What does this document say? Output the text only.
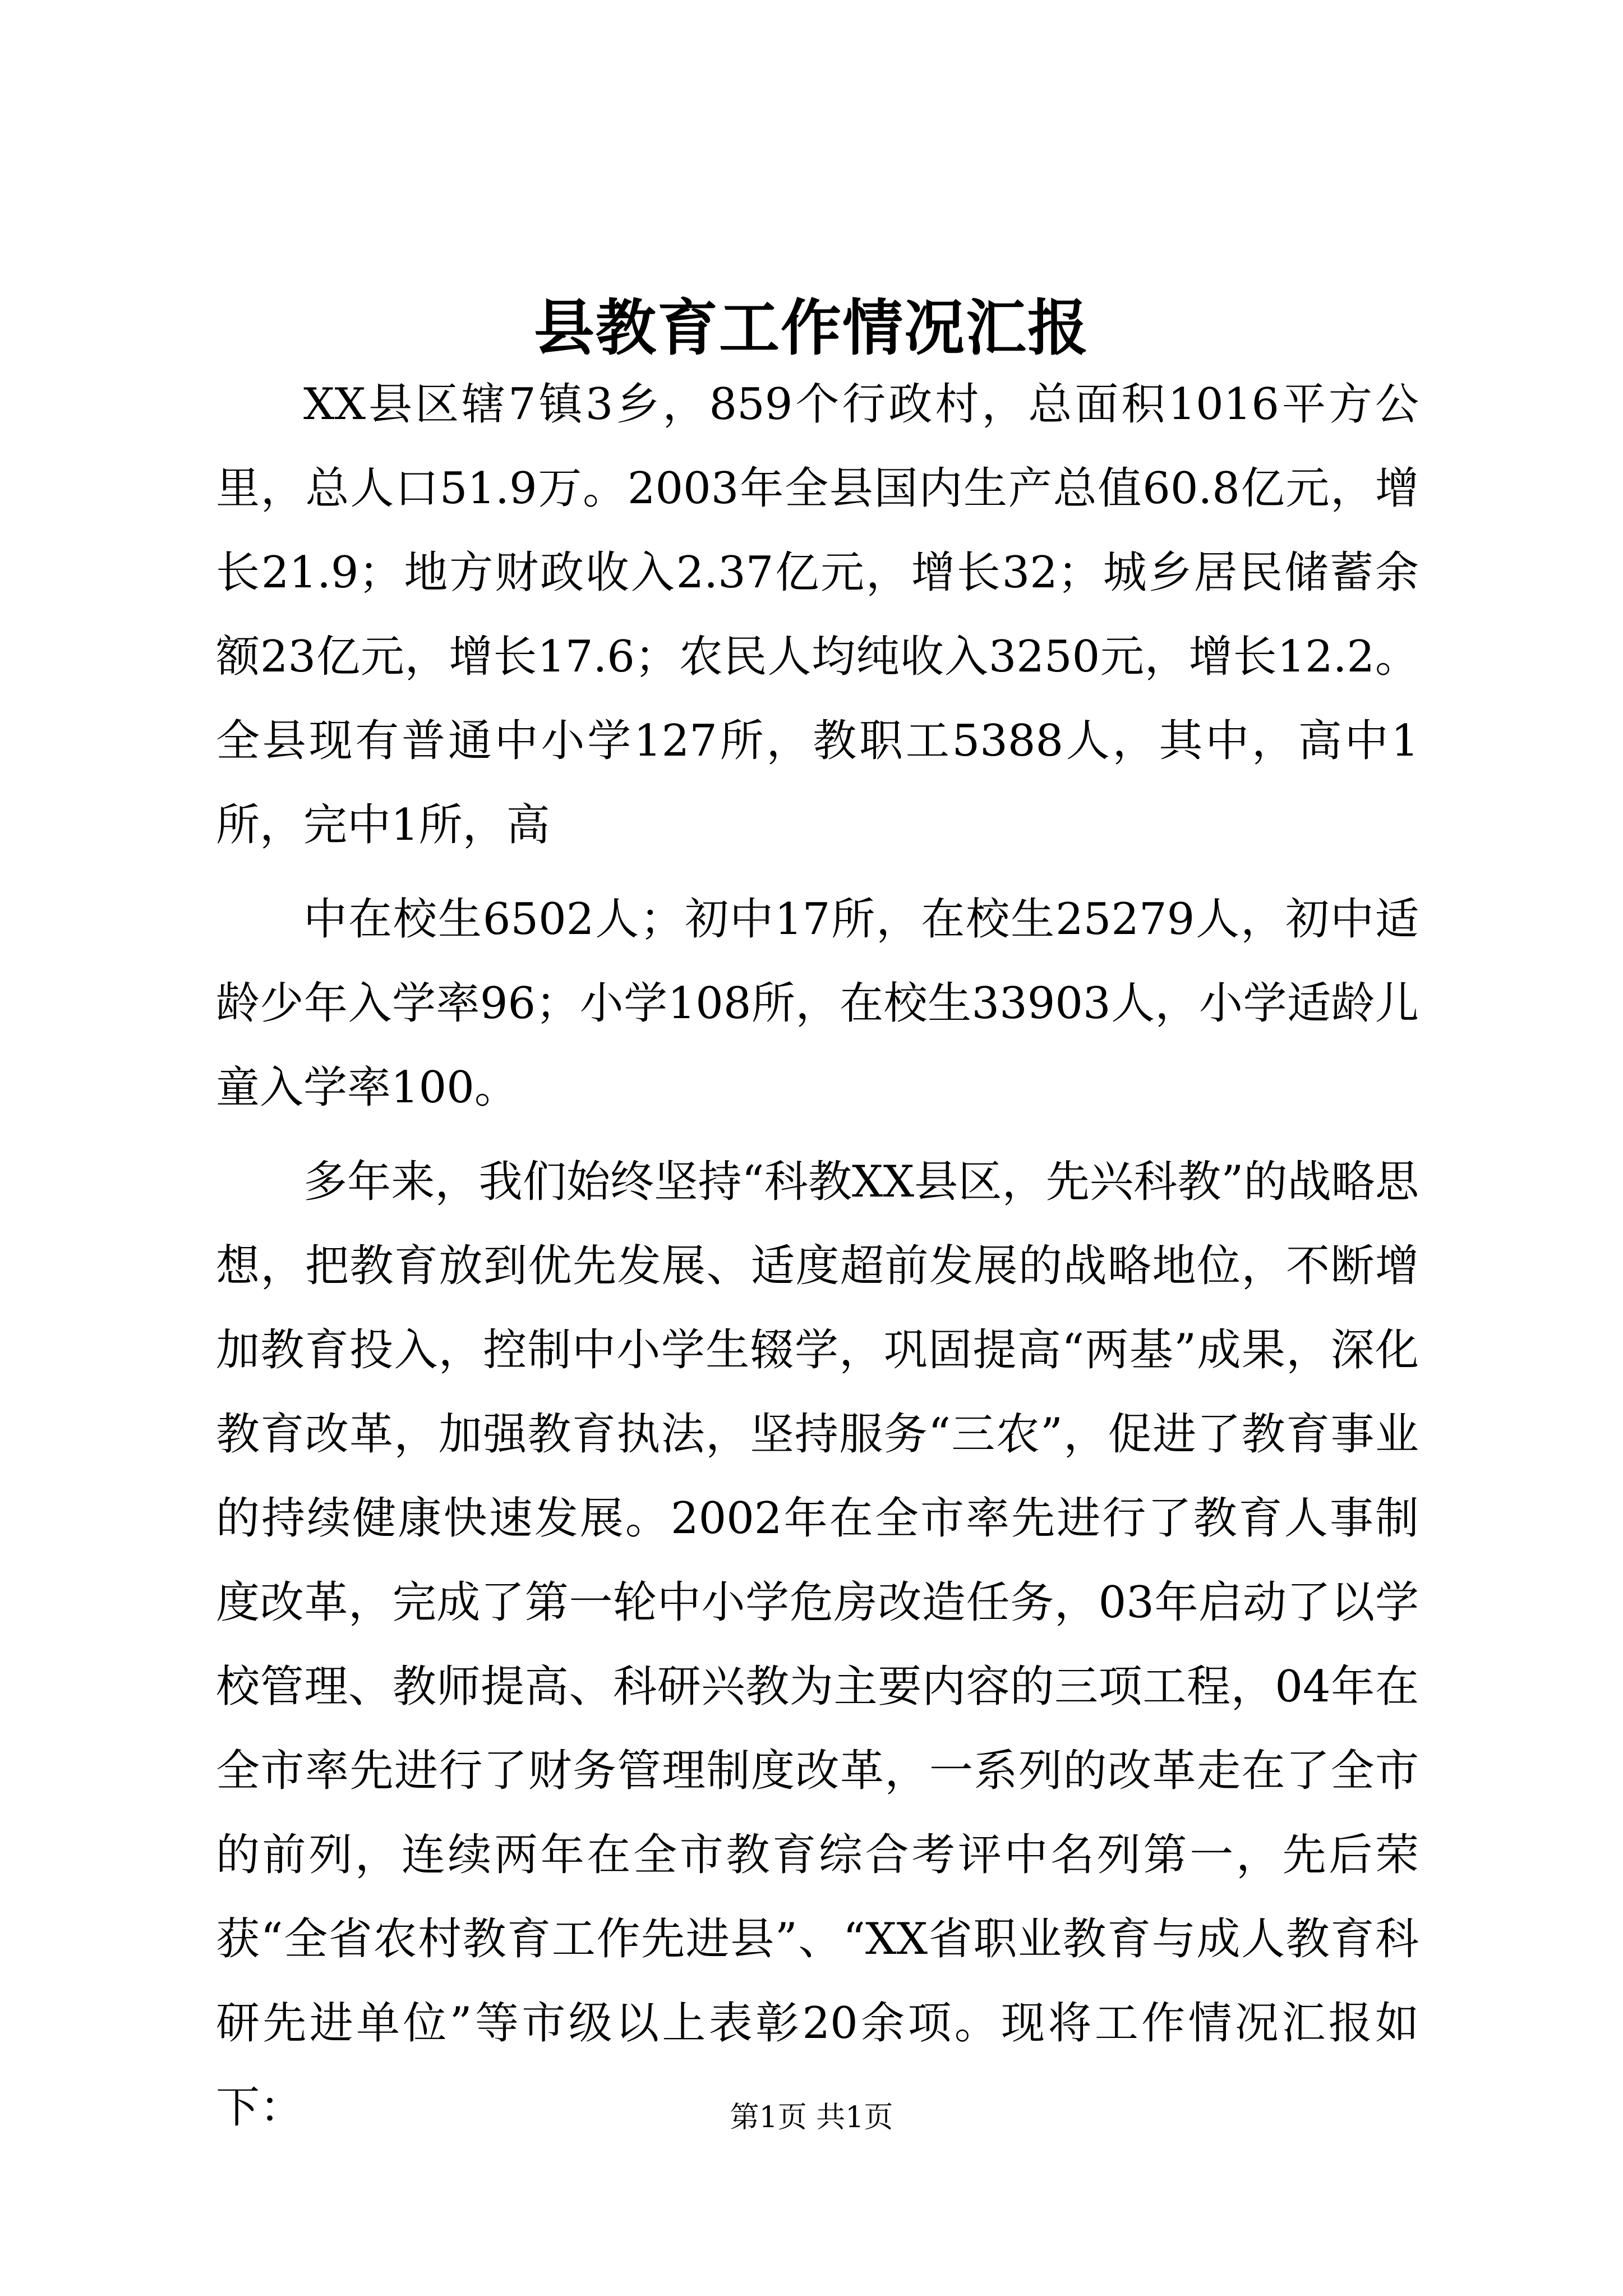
县教育工作情况汇报

XX县区辖7镇3乡，859个行政村，总面积1016平方公里，总人口51.9万。2003年全县国内生产总值60.8亿元，增长21.9；地方财政收入2.37亿元，增长32；城乡居民储蓄余额23亿元，增长17.6；农民人均纯收入3250元，增长12.2。全县现有普通中小学127所，教职工5388人，其中，高中1所，完中1所，高

中在校生6502人；初中17所，在校生25279人，初中适龄少年入学率96；小学108所，在校生33903人，小学适龄儿童入学率100。

多年来，我们始终坚持“科教XX县区，先兴科教”的战略思想，把教育放到优先发展、适度超前发展的战略地位，不断增加教育投入，控制中小学生辍学，巩固提高“两基”成果，深化教育改革，加强教育执法，坚持服务“三农”，促进了教育事业的持续健康快速发展。2002年在全市率先进行了教育人事制度改革，完成了第一轮中小学危房改造任务，03年启动了以学校管理、教师提高、科研兴教为主要内容的三项工程，04年在全市率先进行了财务管理制度改革，一系列的改革走在了全市的前列，连续两年在全市教育综合考评中名列第一，先后荣获“全省农村教育工作先进县”、“XX省职业教育与成人教育科研先进单位”等市级以上表彰20余项。现将工作情况汇报如下：	第1页 共1页
